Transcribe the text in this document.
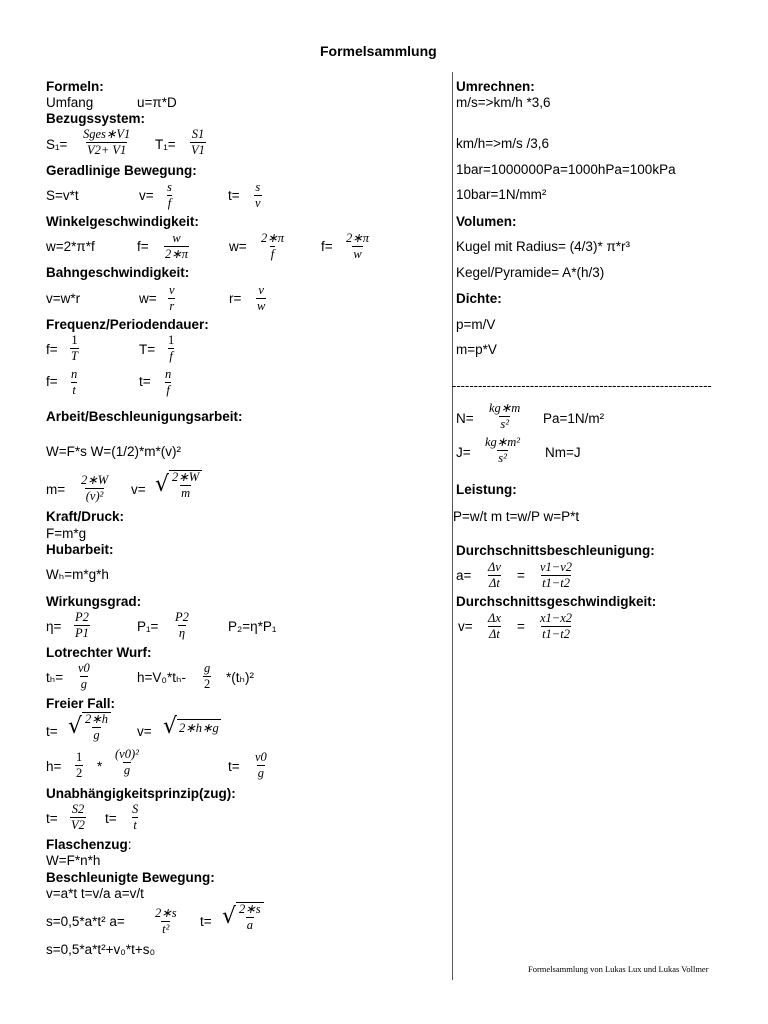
Formelsammlung
Formeln:
Umfang	u=π*D
Bezugssystem:
S₁=
Sges∗V1
V2+ V1 $T_1= \frac{S1}{V1}$
Geradlinige Bewegung:
S=v*t	$v= \frac{s}{f}$	$t= \frac{s}{v}$
Winkelgeschwindigkeit:
w=2*π*f	$f= \frac{w}{2∗\pi}$	$w= \frac{2∗\pi}{f}$	$f= \frac{2∗\pi}{w}$
Bahngeschwindigkeit:
v=w*r	$w= \frac{v}{r}$	$r= \frac{v}{w}$
Frequenz/Periodendauer:
$f= \frac{1}{T}$	$T= \frac{1}{f}$
$f= \frac{n}{t}$	$t= \frac{n}{f}$
Arbeit/Beschleunigungsarbeit:
W=F*s W=(1/2)*m*(v)²
$m= \frac{2∗W}{\text{(v)²}} v=$ √ $\frac{2∗W}{m}$
Kraft/Druck:
F=m*g
Hubarbeit:
Wₕ=m*g*h
Wirkungsgrad:
$\eta= \frac{P2}{P1}$	$P_1= \frac{P2}{\eta}$	P₂=η*P₁
Lotrechter Wurf:
$t_h= \frac{v0}{g}$	$h=V_0*t_h- \frac{g}{2} *(t_h)^2$
Freier Fall:
t= √ $\frac{2∗h}{g} v=$ √ 2∗h∗g
$h= \frac{1}{2} * \frac{\text{(v0)²}}{g}$	$t= \frac{v0}{g}$
Unabhängigkeitsprinzip(zug):
$t= \frac{S2}{V2} t= \frac{S}{t}$
Flaschenzug:
W=F*n*h
Beschleunigte Bewegung:
v=a*t t=v/a a=v/t
s=0,5*a*t² $a= \frac{2∗s}{\text{t²}} t=$ √ $\frac{2∗s}{a}$
s=0,5*a*t²+v₀*t+s₀
Umrechnen:
m/s=>km/h *3,6
km/h=>m/s /3,6
1bar=1000000Pa=1000hPa=100kPa
10bar=1N/mm²
Volumen:
Kugel mit Radius= (4/3)* π*r³
Kegel/Pyramide= A*(h/3)
Dichte:
p=m/V
m=p*V
------------------------------------------------------------
$N= \frac{kg∗m}{\text{s²}} Pa=1N/m^2$
$J= \frac{\text{kg∗m²}}{\text{s²}} Nm=J$
Leistung:
P=w/t m t=w/P w=P*t
Durchschnittsbeschleunigung:
$a= \frac{\Delta v}{\Delta t} = \frac{v1-v2}{t1-t2}$
Durchschnittsgeschwindigkeit:
$v= \frac{\Delta x}{\Delta t} = \frac{x1-x2}{t1-t2}$
Formelsammlung von Lukas Lux und Lukas Vollmer
